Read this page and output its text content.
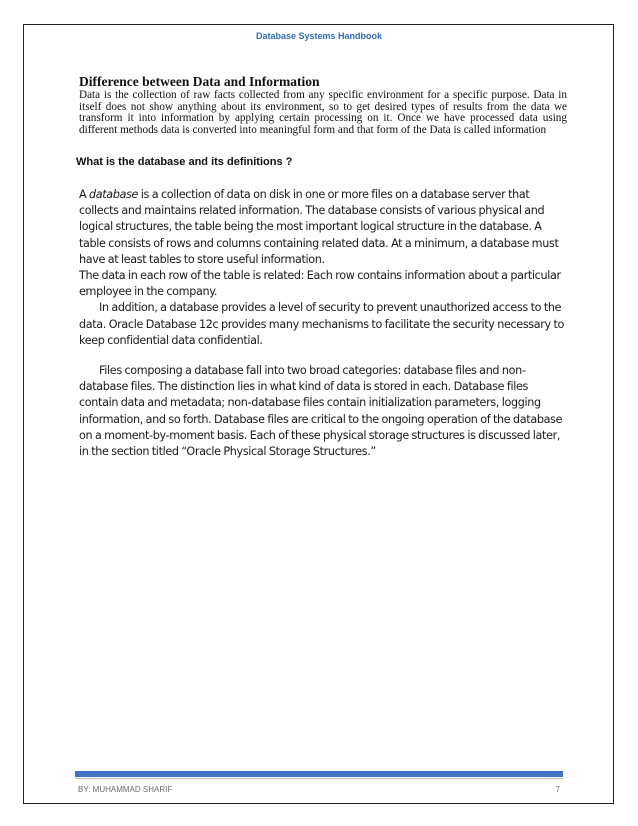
Database Systems Handbook
Difference between Data and Information
Data is the collection of raw facts collected from any specific environment for a specific purpose. Data in itself does not show anything about its environment, so to get desired types of results from the data we transform it into information by applying certain processing on it. Once we have processed data using different methods data is converted into meaningful form and that form of the Data is called information
What is the database and its definitions ?

A database is a collection of data on disk in one or more files on a database server that collects and maintains related information. The database consists of various physical and logical structures, the table being the most important logical structure in the database. A table consists of rows and columns containing related data. At a minimum, a database must have at least tables to store useful information.

The data in each row of the table is related: Each row contains information about a particular employee in the company.

In addition, a database provides a level of security to prevent unauthorized access to the data. Oracle Database 12c provides many mechanisms to facilitate the security necessary to keep confidential data confidential.

Files composing a database fall into two broad categories: database files and non-database files. The distinction lies in what kind of data is stored in each. Database files contain data and metadata; non-database files contain initialization parameters, logging information, and so forth. Database files are critical to the ongoing operation of the database on a moment-by-moment basis. Each of these physical storage structures is discussed later, in the section titled “Oracle Physical Storage Structures.”

BY: MUHAMMAD SHARIF	7
